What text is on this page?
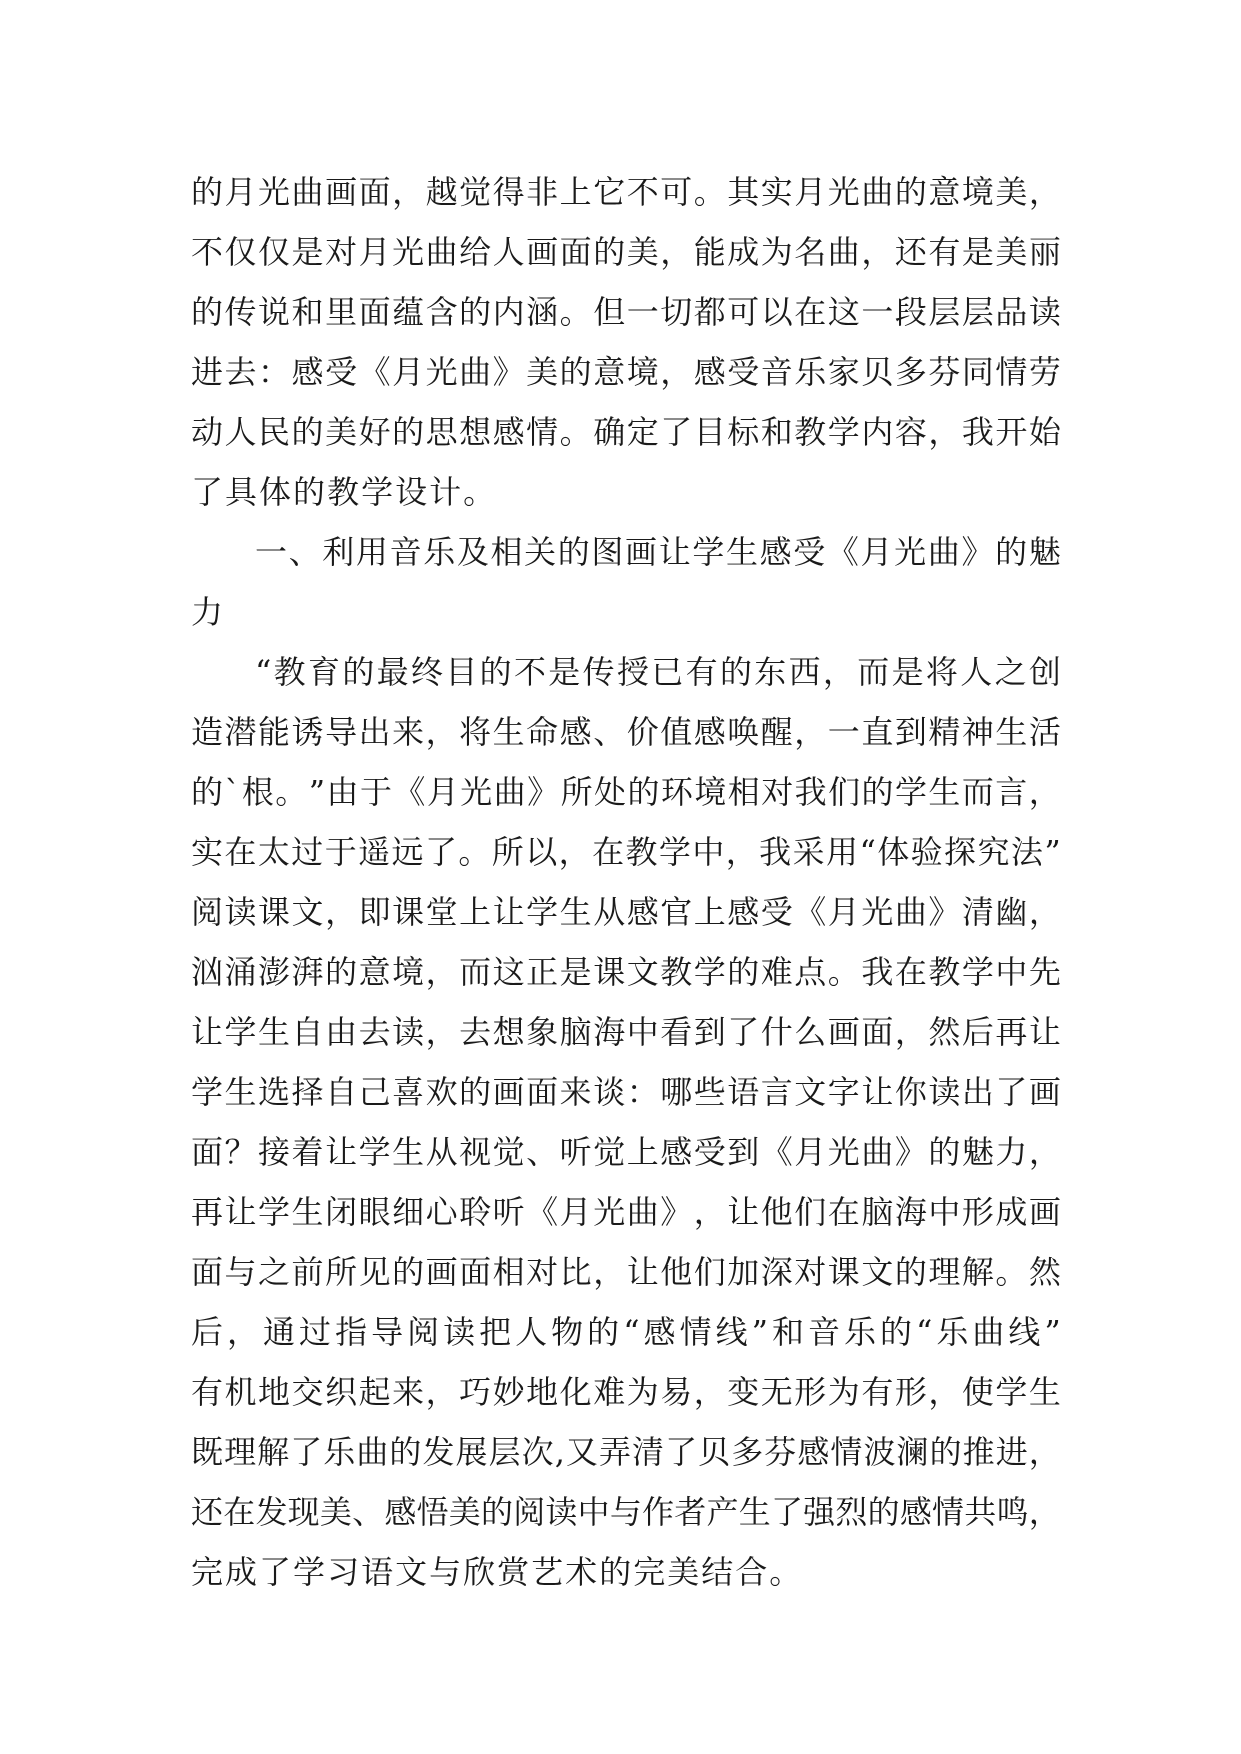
的 月 光 曲 画 面 ， 越 觉 得 非 上 它 不 可 。 其 实 月 光 曲 的 意 境 美 ，
不 仅 仅 是 对 月 光 曲 给 人 画 面 的 美 ， 能 成 为 名 曲 ， 还 有 是 美 丽
的 传 说 和 里 面 蕴 含 的 内 涵 。 但 一 切 都 可 以 在 这 一 段 层 层 品 读
进 去 ： 感 受 《 月 光 曲 》 美 的 意 境 ， 感 受 音 乐 家 贝 多 芬 同 情 劳
动 人 民 的 美 好 的 思 想 感 情 。 确 定 了 目 标 和 教 学 内 容 ， 我 开 始
了 具 体 的 教 学 设 计 。
一 、 利 用 音 乐 及 相 关 的 图 画 让 学 生 感 受 《 月 光 曲 》 的 魅
力
“ 教 育 的 最 终 目 的 不 是 传 授 已 有 的 东 西 ， 而 是 将 人 之 创
造 潜 能 诱 导 出 来 ， 将 生 命 感 、 价 值 感 唤 醒 ， 一 直 到 精 神 生 活
的 ` 根 。 ” 由 于 《 月 光 曲 》 所 处 的 环 境 相 对 我 们 的 学 生 而 言 ，
实 在 太 过 于 遥 远 了 。 所 以 ， 在 教 学 中 ， 我 采 用 “ 体 验 探 究 法 ”
阅 读 课 文 ， 即 课 堂 上 让 学 生 从 感 官 上 感 受 《 月 光 曲 》 清 幽 ，
汹 涌 澎 湃 的 意 境 ， 而 这 正 是 课 文 教 学 的 难 点 。 我 在 教 学 中 先
让 学 生 自 由 去 读 ， 去 想 象 脑 海 中 看 到 了 什 么 画 面 ， 然 后 再 让
学 生 选 择 自 己 喜 欢 的 画 面 来 谈 ： 哪 些 语 言 文 字 让 你 读 出 了 画
面 ？ 接 着 让 学 生 从 视 觉 、 听 觉 上 感 受 到 《 月 光 曲 》 的 魅 力 ，
再 让 学 生 闭 眼 细 心 聆 听 《 月 光 曲 》 ， 让 他 们 在 脑 海 中 形 成 画
面 与 之 前 所 见 的 画 面 相 对 比 ， 让 他 们 加 深 对 课 文 的 理 解 。 然
后 ， 通 过 指 导 阅 读 把 人 物 的 “ 感 情 线 ” 和 音 乐 的 “ 乐 曲 线 ”
有 机 地 交 织 起 来 ， 巧 妙 地 化 难 为 易 ， 变 无 形 为 有 形 ， 使 学 生
既 理 解 了 乐 曲 的 发 展 层 次 , 又 弄 清 了 贝 多 芬 感 情 波 澜 的 推 进 ，
还 在 发 现 美 、 感 悟 美 的 阅 读 中 与 作 者 产 生 了 强 烈 的 感 情 共 鸣 ，
完 成 了 学 习 语 文 与 欣 赏 艺 术 的 完 美 结 合 。
